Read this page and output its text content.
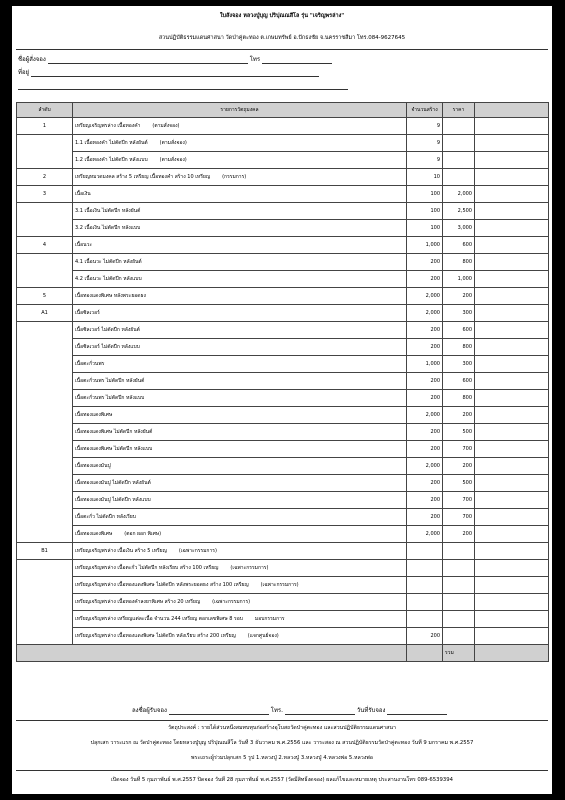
ใบสั่งจอง หลวงปู่บุญ ปริปุณณสีโล รุ่น "เจริญพรล่าง"
สวนปฏิบัติธรรมแดนศาสนา วัดป่าคู่ตะทอง ต.เกษมทรัพย์ อ.ปักธงชัย จ.นครราชสีมา โทร.084-9627645
ชื่อผู้สั่งจอง	โทร
ที่อยู่
ลำดับ	รายการวัตถุมงคล	จำนวนสร้าง	ราคา	
1	เหรียญเจริญพรล่าง เนื้อทองคำ (ตามสั่งจอง)	9		
	1.1 เนื้อทองคำ ไม่ตัดปีก หลังยันต์ (ตามสั่งจอง)	9		
	1.2 เนื้อทองคำ ไม่ตัดปีก หลังแบบ (ตามสั่งจอง)	9		
2	เหรียญหมวดมงคล สร้าง 5 เหรียญ เนื้อทองคำ สร้าง 10 เหรียญ (กรรมการ)	10		
3	เนื้อเงิน	100	2,000	
	3.1 เนื้อเงิน ไม่ตัดปีก หลังยันต์	100	2,500	
	3.2 เนื้อเงิน ไม่ตัดปีก หลังแบบ	100	3,000	
4	เนื้อนวะ	1,000	600	
	4.1 เนื้อนวะ ไม่ตัดปีก หลังยันต์	200	800	
	4.2 เนื้อนวะ ไม่ตัดปีก หลังแบบ	200	1,000	
5	เนื้อทองแดงพิเศษ หลังพระยอดธง	2,000	200	
A1	เนื้อซิลเวอร์	2,000	300	
	เนื้อซิลเวอร์ ไม่ตัดปีก หลังยันต์	200	600	
	เนื้อซิลเวอร์ ไม่ตัดปีก หลังแบบ	200	800	
	เนื้อตะกั่วนพร	1,000	300	
	เนื้อตะกั่วนพร ไม่ตัดปีก หลังยันต์	200	600	
	เนื้อตะกั่วนพร ไม่ตัดปีก หลังแบบ	200	800	
	เนื้อทองแดงพิเศษ	2,000	200	
	เนื้อทองแดงพิเศษ ไม่ตัดปีก หลังยันต์	200	500	
	เนื้อทองแดงพิเศษ ไม่ตัดปีก หลังแบบ	200	700	
	เนื้อทองแดงมันปู	2,000	200	
	เนื้อทองแดงมันปู ไม่ตัดปีก หลังยันต์	200	500	
	เนื้อทองแดงมันปู ไม่ตัดปีก หลังแบบ	200	700	
	เนื้อตะกั่ว ไม่ตัดปีก หลังเรียบ	200	700	
	เนื้อทองแดงพิเศษ (ตอก ผอก พิเศษ)	2,000	200	
B1	เหรียญเจริญพรล่าง เนื้อเงิน สร้าง 5 เหรียญ (เฉพาะกรรมการ)			
	เหรียญเจริญพรล่าง เนื้อตะกั่ว ไม่ตัดปีก หลังเรียบ สร้าง 100 เหรียญ (เฉพาะกรรมการ)			
	เหรียญเจริญพรล่าง เนื้อทองแดงพิเศษ ไม่ตัดปีก หลังพระยอดธง สร้าง 100 เหรียญ (เฉพาะกรรมการ)			
	เหรียญเจริญพรล่าง เนื้อทองคำลงยาพิเศษ สร้าง 20 เหรียญ (เฉพาะกรรมการ)			
	เหรียญเจริญพรล่าง เหรียญแต่ละเนื้อ จำนวน 244 เหรียญ ตอกเลขพิเศษ 8 รอบ มอบกรรมการ			
	เหรียญเจริญพรล่าง เนื้อทองแดงพิเศษ ไม่ตัดปีก หลังเรียบ สร้าง 200 เหรียญ (แจกศูนย์จอง)	200		
			รวม	
ลงชื่อผู้รับจอง	โทร.	วันที่รับจอง
วัตถุประสงค์ : รายได้ส่วนหนึ่งสมทบทุนก่อสร้างอุโบสถวัดป่าคู่ตะทอง และสวนปฏิบัติธรรมแดนศาสนา
ปลุกเสก วาระแรก ณ วัดป่าคู่ตะทอง โดยหลวงปู่บุญ ปริปุณณสีโล วันที่ 3 ธันวาคม พ.ศ.2556 และ วาระสอง ณ สวนปฏิบัติธรรมวัดป่าคู่ตะทอง วันที่ 9 มกราคม พ.ศ.2557
พระเถระผู้ร่วมปลุกเสก 5 รูป 1.หลวงปู่ 2.หลวงปู่ 3.หลวงปู่ 4.หลวงพ่อ 5.หลวงพ่อ
เปิดจอง วันที่ 5 กุมภาพันธ์ พ.ศ.2557 ปิดจอง วันที่ 28 กุมภาพันธ์ พ.ศ.2557 (วัดมีสิทธิ์งดจอง) ผลแก้ไขและหมายเหตุ ประสานงานโทร 089-6539394
